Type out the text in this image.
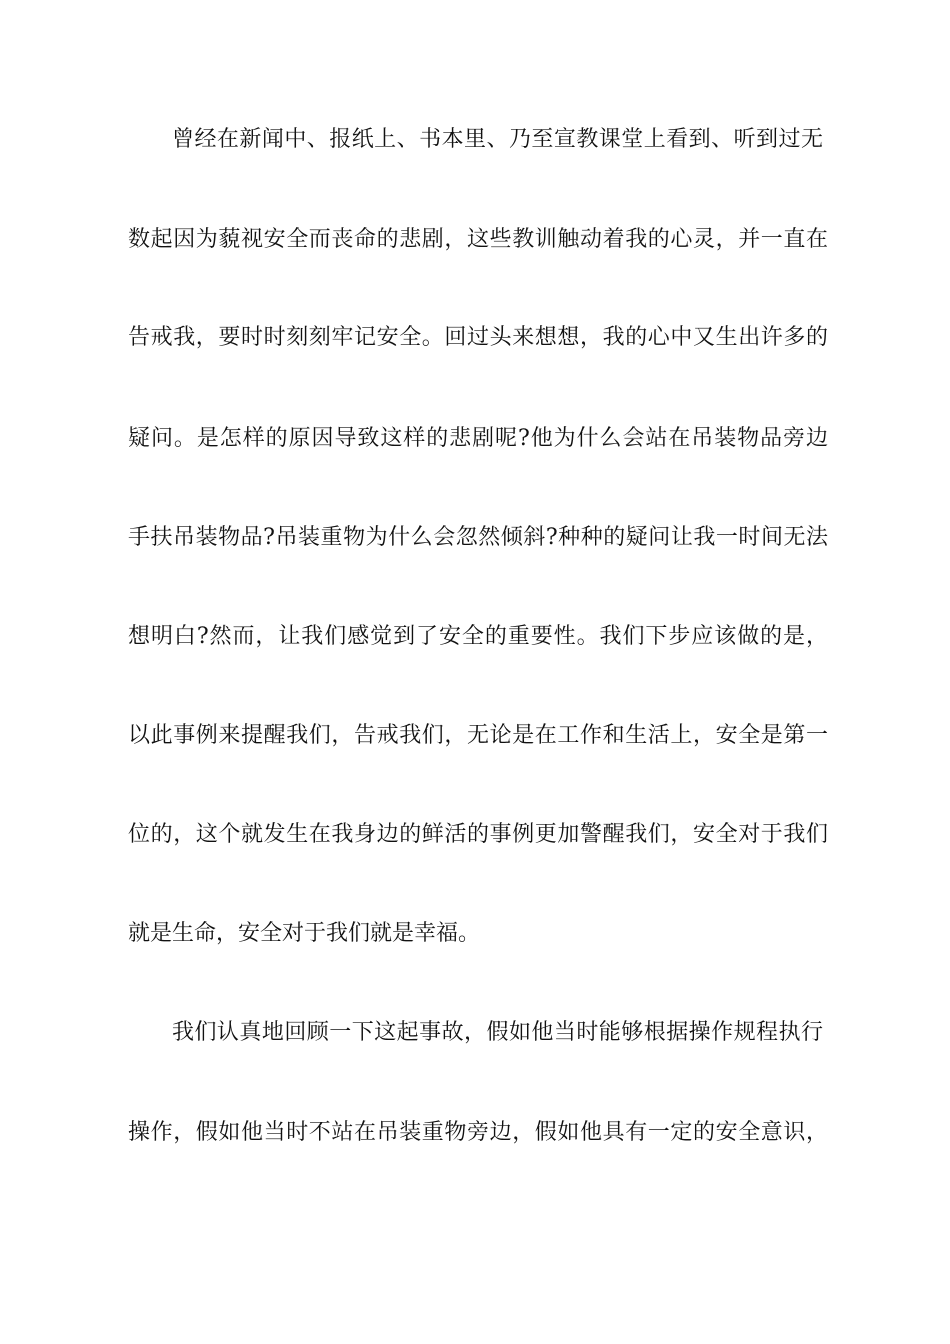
曾经在新闻中、报纸上、书本里、乃至宣教课堂上看到、听到过无
数起因为藐视安全而丧命的悲剧，这些教训触动着我的心灵，并一直在
告戒我，要时时刻刻牢记安全。回过头来想想，我的心中又生出许多的
疑问。是怎样的原因导致这样的悲剧呢?他为什么会站在吊装物品旁边
手扶吊装物品?吊装重物为什么会忽然倾斜?种种的疑问让我一时间无法
想明白?然而，让我们感觉到了安全的重要性。我们下步应该做的是，
以此事例来提醒我们，告戒我们，无论是在工作和生活上，安全是第一
位的，这个就发生在我身边的鲜活的事例更加警醒我们，安全对于我们
就是生命，安全对于我们就是幸福。
我们认真地回顾一下这起事故，假如他当时能够根据操作规程执行
操作，假如他当时不站在吊装重物旁边，假如他具有一定的安全意识，
